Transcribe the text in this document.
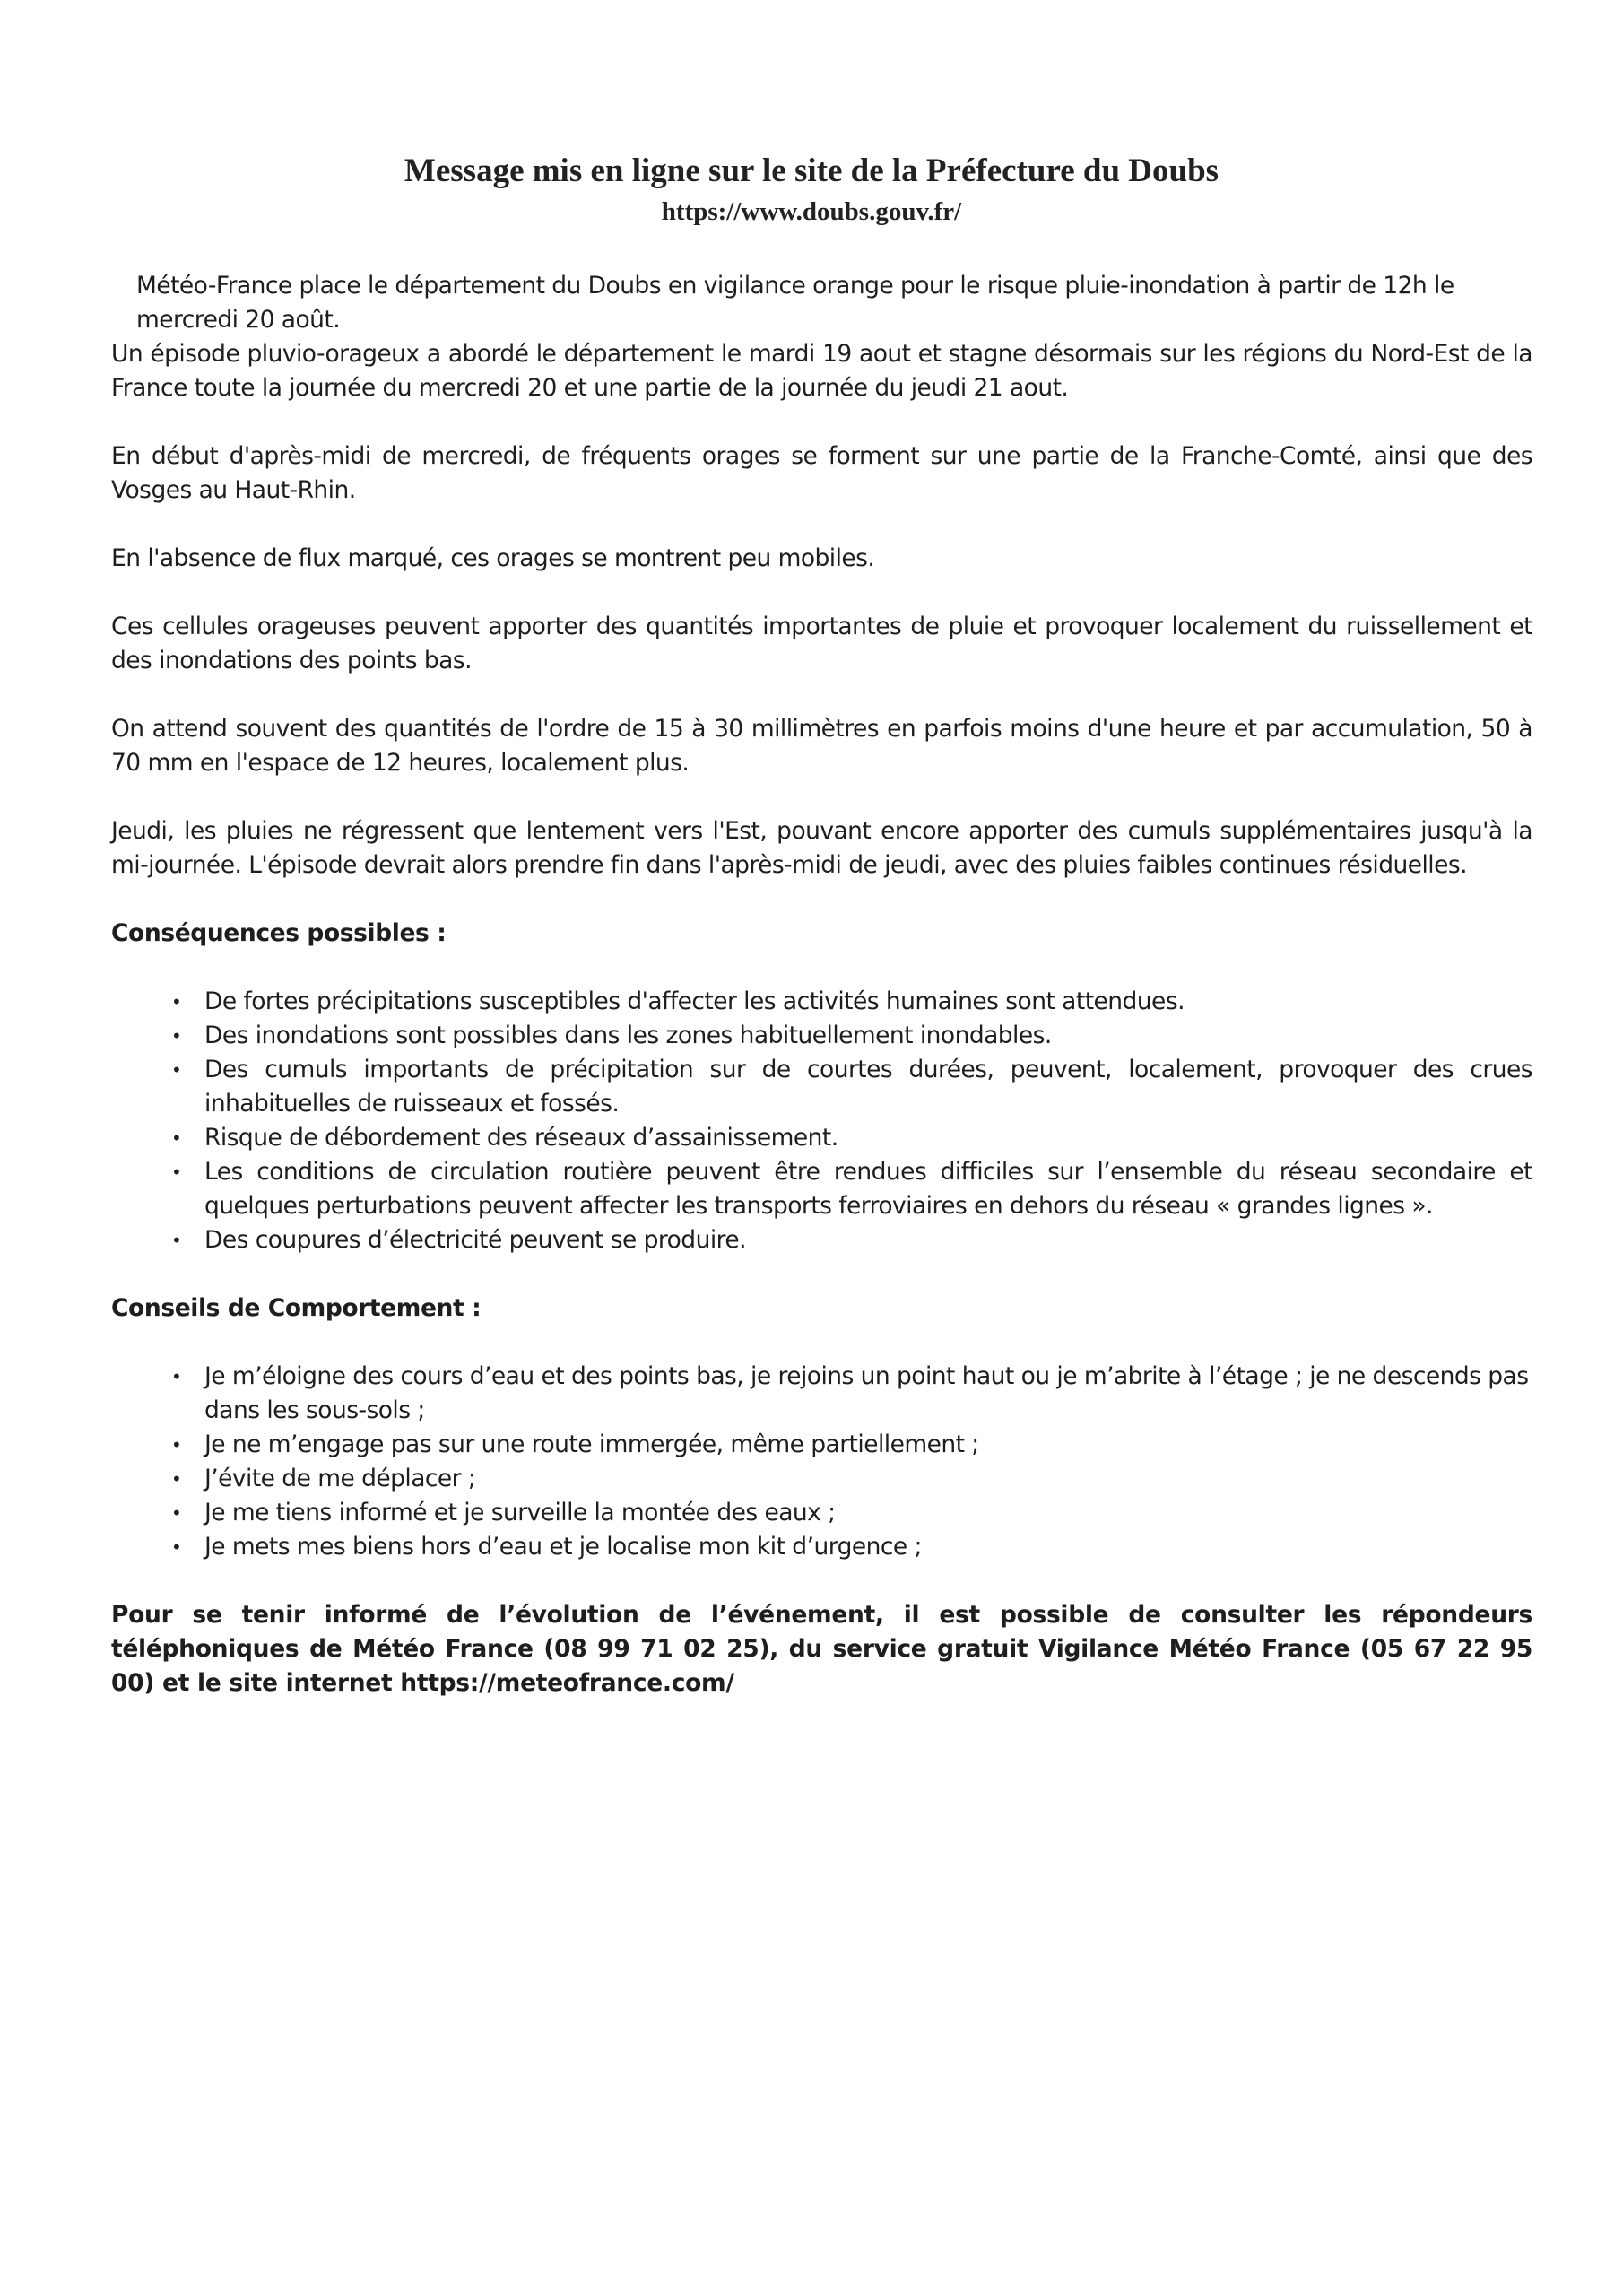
Message mis en ligne sur le site de la Préfecture du Doubs
https://www.doubs.gouv.fr/

Météo-France place le département du Doubs en vigilance orange pour le risque pluie-inondation à partir de 12h le mercredi 20 août.

Un épisode pluvio-orageux a abordé le département le mardi 19 aout et stagne désormais sur les régions du Nord-Est de la France toute la journée du mercredi 20 et une partie de la journée du jeudi 21 aout.

En début d'après-midi de mercredi, de fréquents orages se forment sur une partie de la Franche-Comté, ainsi que des Vosges au Haut-Rhin.

En l'absence de flux marqué, ces orages se montrent peu mobiles.

Ces cellules orageuses peuvent apporter des quantités importantes de pluie et provoquer localement du ruissellement et des inondations des points bas.

On attend souvent des quantités de l'ordre de 15 à 30 millimètres en parfois moins d'une heure et par accumulation, 50 à 70 mm en l'espace de 12 heures, localement plus.

Jeudi, les pluies ne régressent que lentement vers l'Est, pouvant encore apporter des cumuls supplémentaires jusqu'à la mi-journée. L'épisode devrait alors prendre fin dans l'après-midi de jeudi, avec des pluies faibles continues résiduelles.

Conséquences possibles :

• De fortes précipitations susceptibles d'affecter les activités humaines sont attendues.
• Des inondations sont possibles dans les zones habituellement inondables.
• Des cumuls importants de précipitation sur de courtes durées, peuvent, localement, provoquer des crues inhabituelles de ruisseaux et fossés.
• Risque de débordement des réseaux d’assainissement.
• Les conditions de circulation routière peuvent être rendues difficiles sur l’ensemble du réseau secondaire et quelques perturbations peuvent affecter les transports ferroviaires en dehors du réseau « grandes lignes ».
• Des coupures d’électricité peuvent se produire.

Conseils de Comportement :

• Je m’éloigne des cours d’eau et des points bas, je rejoins un point haut ou je m’abrite à l’étage ; je ne descends pas dans les sous-sols ;
• Je ne m’engage pas sur une route immergée, même partiellement ;
• J’évite de me déplacer ;
• Je me tiens informé et je surveille la montée des eaux ;
• Je mets mes biens hors d’eau et je localise mon kit d’urgence ;

Pour se tenir informé de l’évolution de l’événement, il est possible de consulter les répondeurs téléphoniques de Météo France (08 99 71 02 25), du service gratuit Vigilance Météo France (05 67 22 95 00) et le site internet https://meteofrance.com/
